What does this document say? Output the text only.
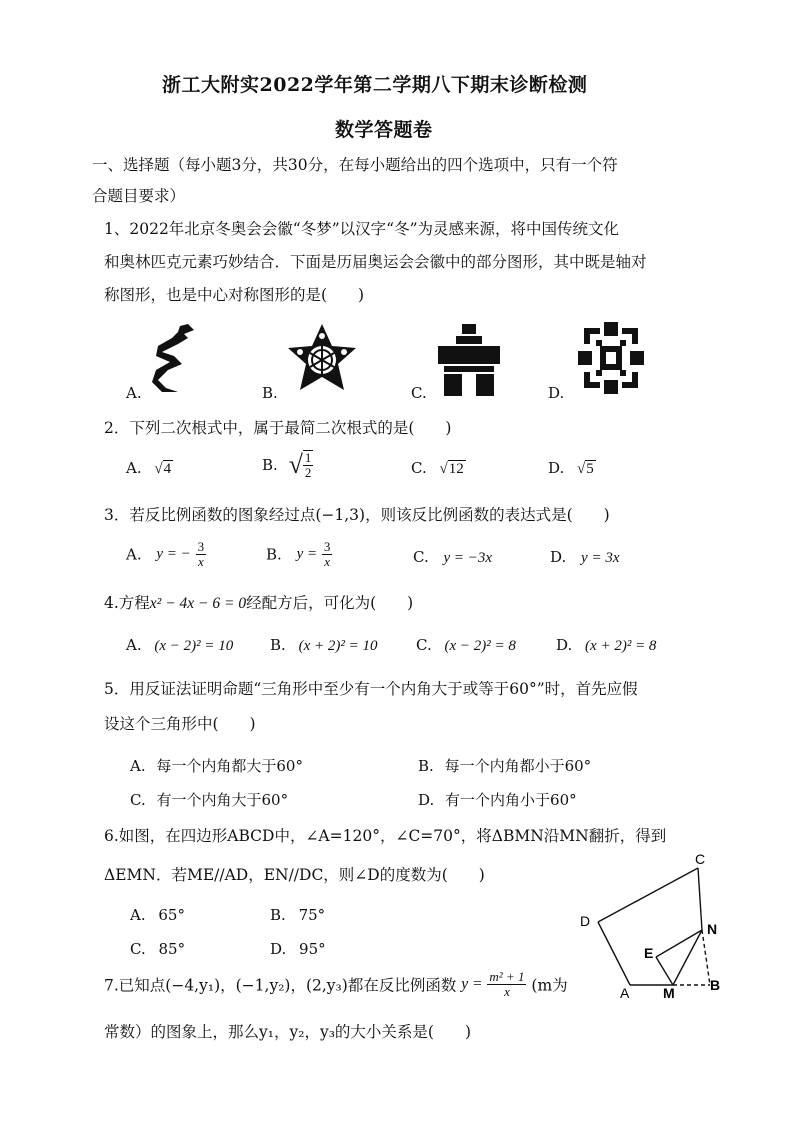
浙工大附实2022学年第二学期八下期末诊断检测
数学答题卷
一、选择题（每小题3分，共30分，在每小题给出的四个选项中，只有一个符
合题目要求）
1、2022年北京冬奥会会徽“冬梦”以汉字“冬”为灵感来源，将中国传统文化
和奥林匹克元素巧妙结合．下面是历届奥运会会徽中的部分图形，其中既是轴对
称图形，也是中心对称图形的是(　　)
A.	B.	C.	D.
2．下列二次根式中，属于最简二次根式的是(　　)
A. √4	B. √ $\frac{1}{2}$	C. √12	D. √5
3．若反比例函数的图象经过点(−1,3)，则该反比例函数的表达式是(　　)
A. y = − $\frac{3}{x}$	B. $y = \frac{3}{x}$	C. y = −3x	D. y = 3x
4.方程x² − 4x − 6 = 0经配方后，可化为(　　)
A. (x − 2)² = 10 B. (x + 2)² = 10	C. (x − 2)² = 8	D. (x + 2)² = 8
5．用反证法证明命题“三角形中至少有一个内角大于或等于60°”时，首先应假
设这个三角形中(　　)
A. 每一个内角都大于60°	B. 每一个内角都小于60°
C. 有一个内角大于60°	D. 有一个内角小于60°
6.如图，在四边形ABCD中，∠A=120°，∠C=70°，将ΔBMN沿MN翻折，得到
ΔEMN．若ME//AD，EN//DC，则∠D的度数为(　　)
A. 65°	B. 75°
C. 85°	D. 95°
D
C
N
E
A M	B
7.已知点(−4,y₁)，(−1,y₂)，(2,y₃)都在反比例函数 $y = \frac{\text{m² + 1}}{x} (m$为
常数）的图象上，那么y₁，y₂，y₃的大小关系是(　　)
